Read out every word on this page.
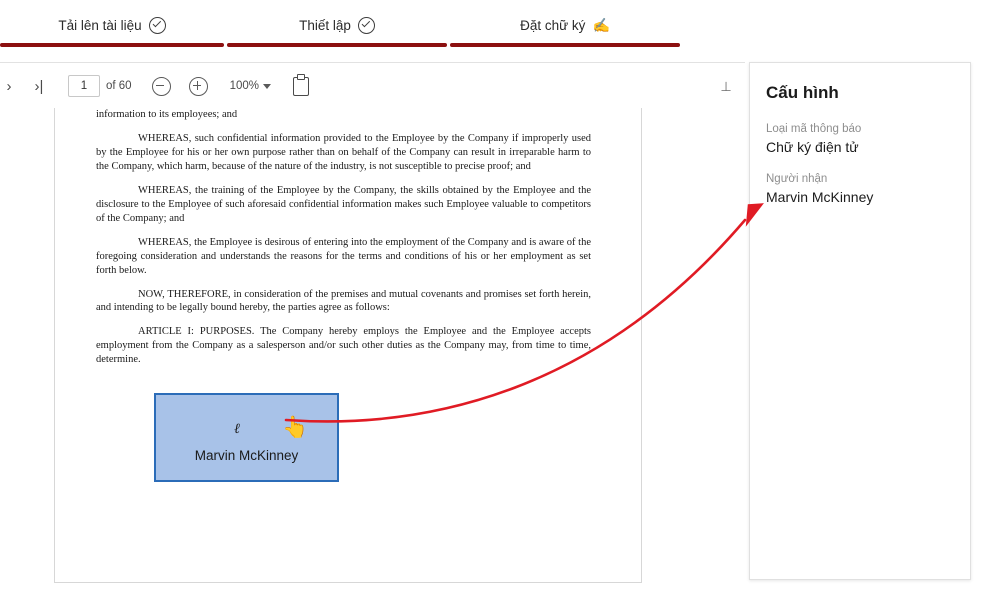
Tải lên tài liệu	Thiết lập	Đặt chữ ký ✍
›	›|
1	of 60	100%	⊥

information to its employees; and

WHEREAS, such confidential information provided to the Employee by the Company if improperly used by the Employee for his or her own purpose rather than on behalf of the Company can result in irreparable harm to the Company, which harm, because of the nature of the industry, is not susceptible to precise proof; and

WHEREAS, the training of the Employee by the Company, the skills obtained by the Employee and the disclosure to the Employee of such aforesaid confidential information makes such Employee valuable to competitors of the Company; and

WHEREAS, the Employee is desirous of entering into the employment of the Company and is aware of the foregoing consideration and understands the reasons for the terms and conditions of his or her employment as set forth below.

NOW, THEREFORE, in consideration of the premises and mutual covenants and promises set forth herein, and intending to be legally bound hereby, the parties agree as follows:

ARTICLE I: PURPOSES. The Company hereby employs the Employee and the Employee accepts employment from the Company as a salesperson and/or such other duties as the Company may, from time to time, determine.

ℓ 👆
Marvin McKinney
Cấu hình
Loại mã thông báo
Chữ ký điện tử
Người nhận
Marvin McKinney
